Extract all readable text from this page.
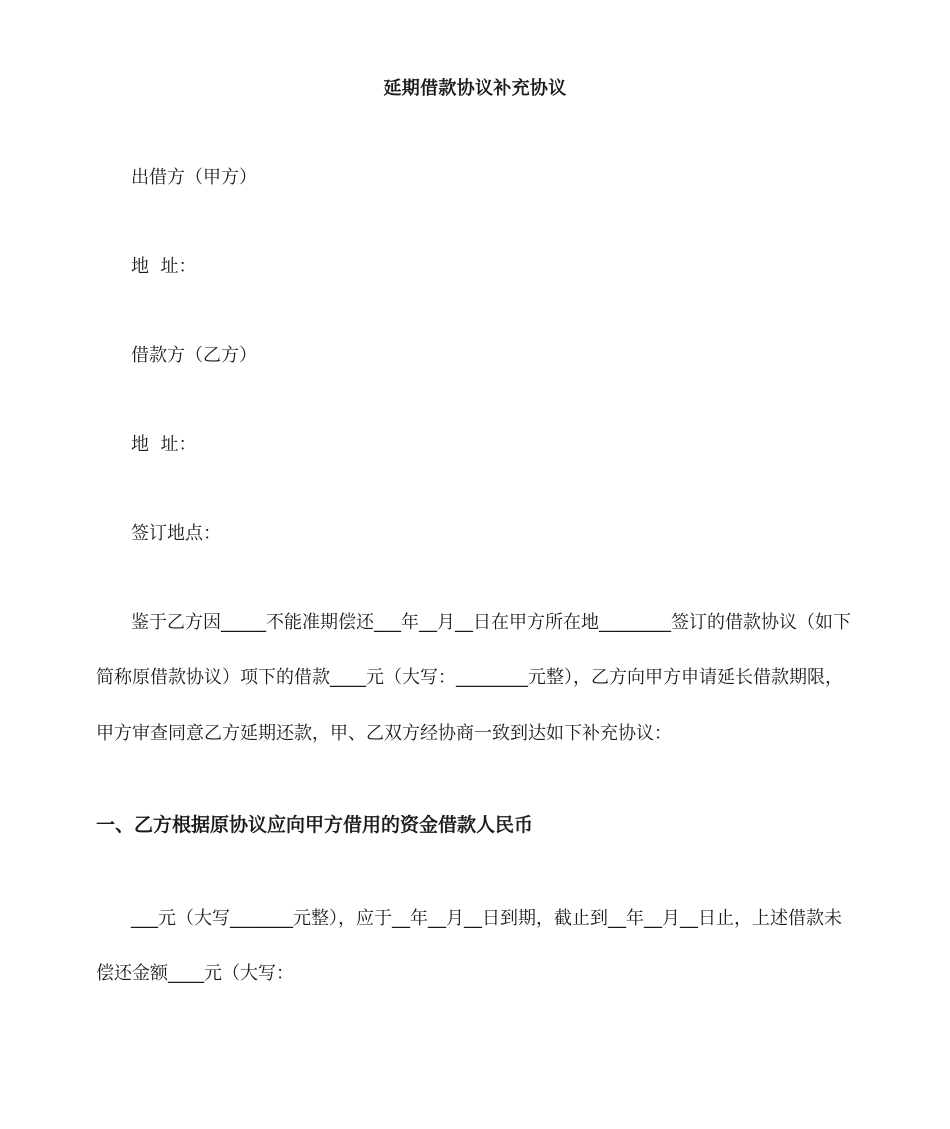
延期借款协议补充协议
出借方（甲方）
地  址：
借款方（乙方）
地  址：
签订地点：
鉴于乙方因_____不能准期偿还___年__月__日在甲方所在地________签订的借款协议（如下
简称原借款协议）项下的借款____元（大写：________元整），乙方向甲方申请延长借款期限，
甲方审查同意乙方延期还款，甲、乙双方经协商一致到达如下补充协议：
一、乙方根据原协议应向甲方借用的资金借款人民币
___元（大写_______元整），应于__年__月__日到期，截止到__年__月__日止，上述借款未
偿还金额____元（大写：
